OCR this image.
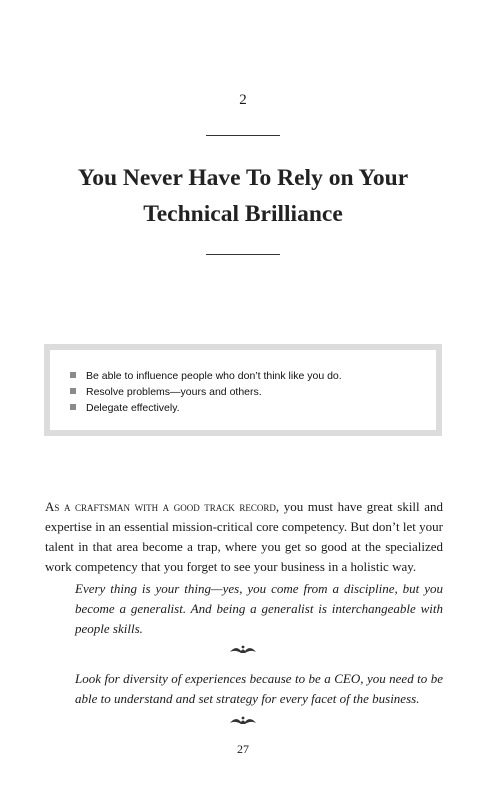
2
You Never Have To Rely on Your
Technical Brilliance
Be able to influence people who don’t think like you do.
Resolve problems—yours and others.
Delegate effectively.

As a craftsman with a good track record, you must have great skill and expertise in an essential mission-critical core competency. But don’t let your talent in that area become a trap, where you get so good at the specialized work competency that you forget to see your business in a holistic way.

Every thing is your thing—yes, you come from a discipline, but you become a generalist. And being a generalist is interchangeable with people skills.

Look for diversity of experiences because to be a CEO, you need to be able to understand and set strategy for every facet of the business.

27
